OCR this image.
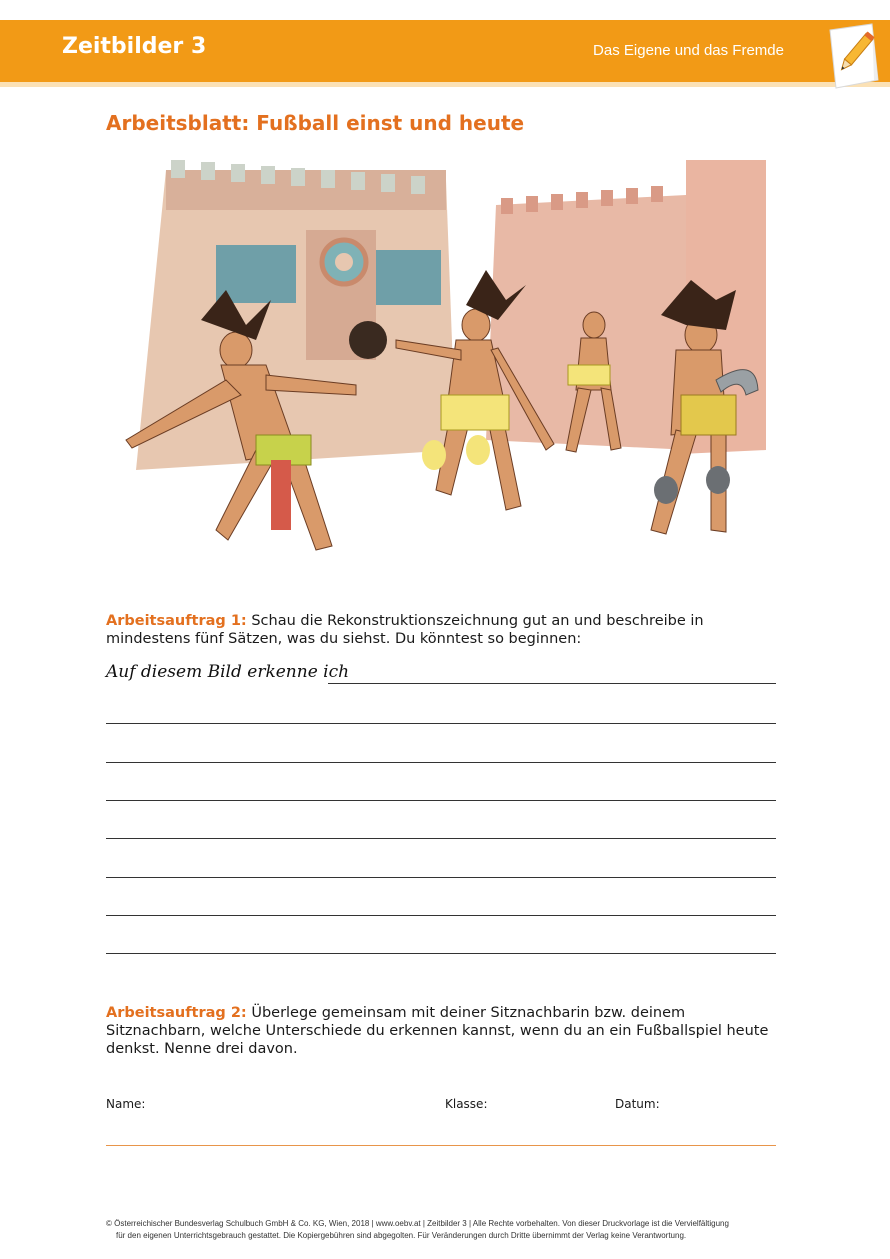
Zeitbilder 3	Das Eigene und das Fremde
Arbeitsblatt: Fußball einst und heute
Arbeitsauftrag 1: Schau die Rekonstruktionszeichnung gut an und beschreibe in mindestens fünf Sätzen, was du siehst. Du könntest so beginnen:
Auf diesem Bild erkenne ich
Arbeitsauftrag 2: Überlege gemeinsam mit deiner Sitznachbarin bzw. deinem Sitznachbarn, welche Unterschiede du erkennen kannst, wenn du an ein Fußballspiel heute denkst. Nenne drei davon.
Name:	Klasse:	Datum:
© Österreichischer Bundesverlag Schulbuch GmbH & Co. KG, Wien, 2018 | www.oebv.at | Zeitbilder 3 | Alle Rechte vorbehalten. Von dieser Druckvorlage ist die Vervielfältigung
für den eigenen Unterrichtsgebrauch gestattet. Die Kopiergebühren sind abgegolten. Für Veränderungen durch Dritte übernimmt der Verlag keine Verantwortung.
